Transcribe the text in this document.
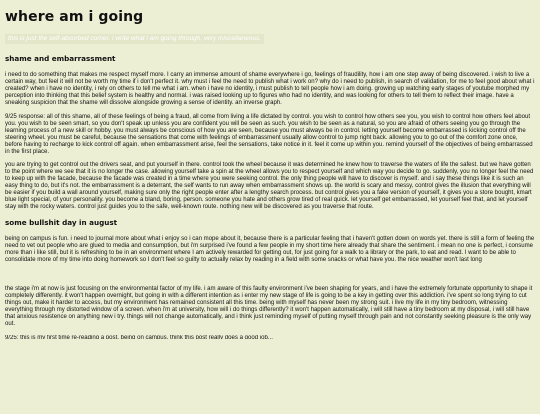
where am i going
this is just the self-absorbed corner. i write what i am going through, very miscellaneous.
shame and embarrassment

i need to do something that makes me respect myself more. I carry an immense amount of shame everywhere i go, feelings of fraudility, how i am one step away of being discovered. i wish to live a certain way, but feel it will not be worth my time if i don't perfect it. why must i feel the need to publish what i work on? why do i need to publish, in search of validation, for me to feel good about what i created? when i have no identity, i rely on others to tell me what i am. when i have no identity, i must publish to tell people how i am doing. growing up watching early stages of youtube morphed my perception into thinking that this belief system is healthy and normal. i was raised looking up to figures who had no identity, and was looking for others to tell them to reflect their image. have a sneaking suspicion that the shame will dissolve alongside growing a sense of identity. an inverse graph.

9/25 response: all of this shame, all of these feelings of being a fraud, all come from living a life dictated by control. you wish to control how others see you, you wish to control how others feel about you. you wish to be seen smart, so you don't speak up unless you are confident you will be seen as such. you wish to be seen as a natural, so you are afraid of others seeing you go through the learning process of a new skill or hobby. you must always be conscious of how you are seen, because you must always be in control. letting yourself become embarrassed is kicking control off the steering wheel. you must be careful, because the sensations that come with feelings of embarrassment usually allow control to jump right back. allowing you to go out of the comfort zone once, before having to recharge to kick control off again. when embarrassment arise, feel the sensations, take notice in it. feel it come up within you. remind yourself of the objectives of being embarrassed in the first place.

you are trying to get control out the drivers seat, and put yourself in there. control took the wheel because it was determined he knew how to traverse the waters of life the safest. but we have gotten to the point where we see that it is no longer the case. allowing yourself take a spin at the wheel allows you to respect yourself and which way you decide to go. suddenly, you no longer feel the need to keep up with the facade, because the facade was created in a time where you were seeking control. the only thing people will have to discover is myself. and i say these things like it is such an easy thing to do, but it's not. the embarrassment is a deterrant, the self wants to run away when embarrassment shows up. the world is scary and messy, control gives the illusion that everything will be easier if you build a wall around yourself, making sure only the right people enter after a lengthy search process. but control gives you a fake version of yourself, it gives you a store bought, kmart blue light special, of your personality. you become a bland, boring, person. someone you hate and others grow tired of real quick. let yourself get embarrassed, let yourself feel that, and let yourself stay with the rocky waters. control just guides you to the safe, well-known route. nothing new will be discovered as you traverse that route.

some bullshit day in august

being on campus is fun. i need to journal more about what i enjoy so i can mope about it, because there is a particular feeling that i haven't gotten down on words yet. there is still a form of feeling the need to vet out people who are glued to media and consumption, but i'm surprised i've found a few people in my short time here already that share the sentiment. i mean no one is perfect, i consume more than i like still, but it is refreshing to be in an environment where I am actively rewarded for getting out, for just going for a walk to a library or the park, to eat and read. I want to be able to consolidate more of my time into doing homework so I don't feel so guilty to actually relax by reading in a field with some snacks or what have you. the nice weather won't last long

the stage i'm at now is just focusing on the environmental factor of my life. i am aware of this faulty environment i've been shaping for years, and i have the extremely fortunate opportunity to shape it completely differently. it won't happen overnight, but going in with a different intention as i enter my new stage of life is going to be a key in getting over this addiction. i've spent so long trying to cut things out, make it harder to access, but my environment has remained consistent all this time. being with myself has never been my strong suit. i live my life in my tiny bedroom, witnessing everything through my distorted window of a screen. when i'm at university, how will i do things differently? it won't happen automatically, i will still have a tiny bedroom at my disposal, i will still have that anxious resistence on anything new i try. things will not change automatically, and i think just reminding myself of putting myself through pain and not constantly seeking pleasure is the only way out.

9/25: this is my first time re-reading a post. being on campus, think this post really does a good job...
